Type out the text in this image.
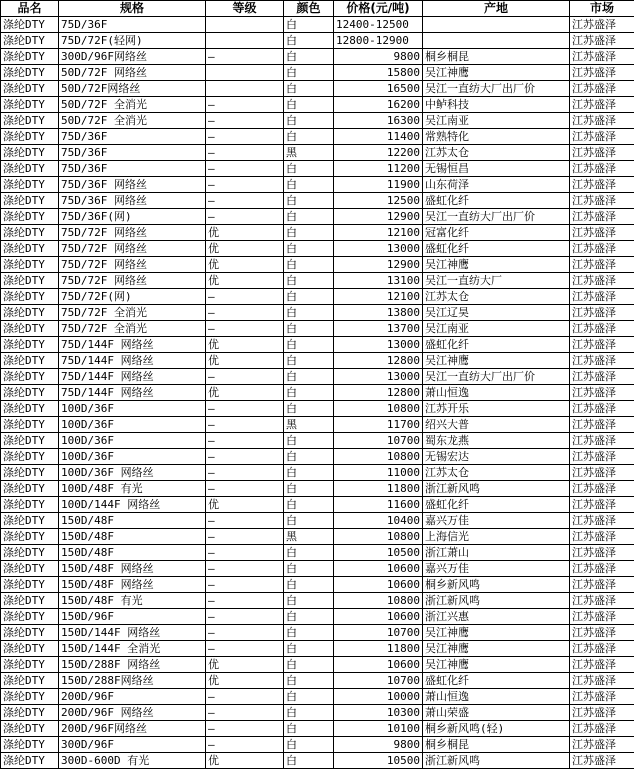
品名	规格	等级	颜色	价格(元/吨)	产地	市场
涤纶DTY	75D/36F		白	12400-12500		江苏盛泽
涤纶DTY	75D/72F(轻网)		白	12800-12900		江苏盛泽
涤纶DTY	300D/96F网络丝	—	白	9800	桐乡桐昆	江苏盛泽
涤纶DTY	50D/72F 网络丝		白	15800	吴江神鹰	江苏盛泽
涤纶DTY	50D/72F网络丝		白	16500	吴江一直纺大厂出厂价	江苏盛泽
涤纶DTY	50D/72F 全消光	—	白	16200	中鲈科技	江苏盛泽
涤纶DTY	50D/72F 全消光	—	白	16300	吴江南亚	江苏盛泽
涤纶DTY	75D/36F	—	白	11400	常熟特化	江苏盛泽
涤纶DTY	75D/36F	—	黑	12200	江苏太仓	江苏盛泽
涤纶DTY	75D/36F	—	白	11200	无锡恒昌	江苏盛泽
涤纶DTY	75D/36F 网络丝	—	白	11900	山东荷泽	江苏盛泽
涤纶DTY	75D/36F 网络丝	—	白	12500	盛虹化纤	江苏盛泽
涤纶DTY	75D/36F(网)	—	白	12900	吴江一直纺大厂出厂价	江苏盛泽
涤纶DTY	75D/72F 网络丝	优	白	12100	冠富化纤	江苏盛泽
涤纶DTY	75D/72F 网络丝	优	白	13000	盛虹化纤	江苏盛泽
涤纶DTY	75D/72F 网络丝	优	白	12900	吴江神鹰	江苏盛泽
涤纶DTY	75D/72F 网络丝	优	白	13100	吴江一直纺大厂	江苏盛泽
涤纶DTY	75D/72F(网)	—	白	12100	江苏太仓	江苏盛泽
涤纶DTY	75D/72F 全消光	—	白	13800	吴江辽昊	江苏盛泽
涤纶DTY	75D/72F 全消光	—	白	13700	吴江南亚	江苏盛泽
涤纶DTY	75D/144F 网络丝	优	白	13000	盛虹化纤	江苏盛泽
涤纶DTY	75D/144F 网络丝	优	白	12800	吴江神鹰	江苏盛泽
涤纶DTY	75D/144F 网络丝	—	白	13000	吴江一直纺大厂出厂价	江苏盛泽
涤纶DTY	75D/144F 网络丝	优	白	12800	萧山恒逸	江苏盛泽
涤纶DTY	100D/36F	—	白	10800	江苏开乐	江苏盛泽
涤纶DTY	100D/36F	—	黑	11700	绍兴大普	江苏盛泽
涤纶DTY	100D/36F	—	白	10700	蜀东龙燕	江苏盛泽
涤纶DTY	100D/36F	—	白	10800	无锡宏达	江苏盛泽
涤纶DTY	100D/36F 网络丝	—	白	11000	江苏太仓	江苏盛泽
涤纶DTY	100D/48F 有光	—	白	11800	浙江新风鸣	江苏盛泽
涤纶DTY	100D/144F 网络丝	优	白	11600	盛虹化纤	江苏盛泽
涤纶DTY	150D/48F	—	白	10400	嘉兴万佳	江苏盛泽
涤纶DTY	150D/48F	—	黑	10800	上海信光	江苏盛泽
涤纶DTY	150D/48F	—	白	10500	浙江萧山	江苏盛泽
涤纶DTY	150D/48F 网络丝	—	白	10600	嘉兴万佳	江苏盛泽
涤纶DTY	150D/48F 网络丝	—	白	10600	桐乡新风鸣	江苏盛泽
涤纶DTY	150D/48F 有光	—	白	10800	浙江新风鸣	江苏盛泽
涤纶DTY	150D/96F	—	白	10600	浙江兴惠	江苏盛泽
涤纶DTY	150D/144F 网络丝	—	白	10700	吴江神鹰	江苏盛泽
涤纶DTY	150D/144F 全消光	—	白	11800	吴江神鹰	江苏盛泽
涤纶DTY	150D/288F 网络丝	优	白	10600	吴江神鹰	江苏盛泽
涤纶DTY	150D/288F网络丝	优	白	10700	盛虹化纤	江苏盛泽
涤纶DTY	200D/96F	—	白	10000	萧山恒逸	江苏盛泽
涤纶DTY	200D/96F 网络丝	—	白	10300	萧山荣盛	江苏盛泽
涤纶DTY	200D/96F网络丝	—	白	10100	桐乡新风鸣(轻)	江苏盛泽
涤纶DTY	300D/96F	—	白	9800	桐乡桐昆	江苏盛泽
涤纶DTY	300D-600D 有光	优	白	10500	浙江新风鸣	江苏盛泽
